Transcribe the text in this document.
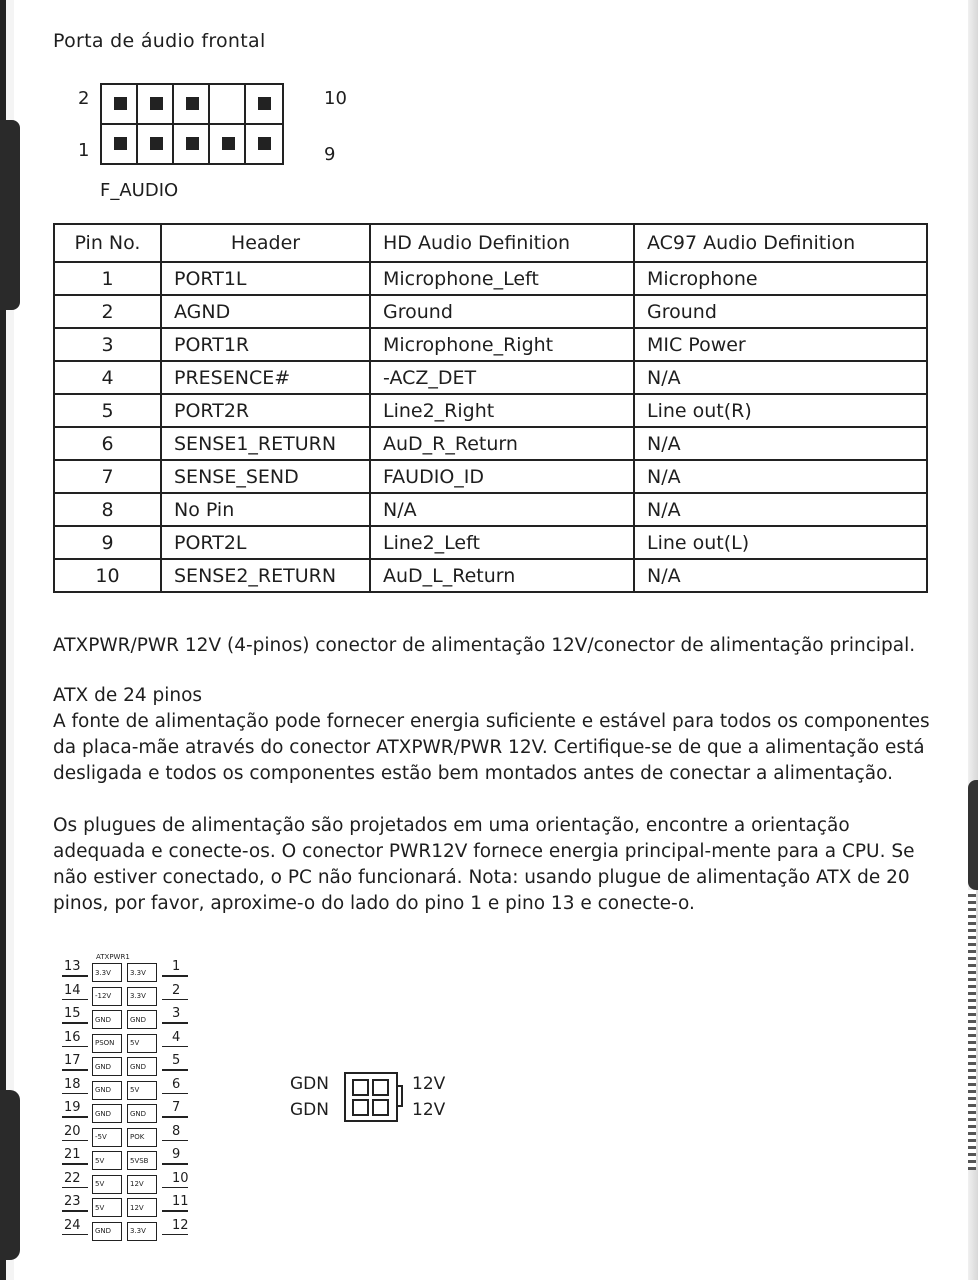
Porta de áudio frontal
2	10
1	9
F_AUDIO
Pin No.	Header	HD Audio Definition	AC97 Audio Definition
1	PORT1L	Microphone_Left	Microphone
2	AGND	Ground	Ground
3	PORT1R	Microphone_Right	MIC Power
4	PRESENCE#	-ACZ_DET	N/A
5	PORT2R	Line2_Right	Line out(R)
6	SENSE1_RETURN	AuD_R_Return	N/A
7	SENSE_SEND	FAUDIO_ID	N/A
8	No Pin	N/A	N/A
9	PORT2L	Line2_Left	Line out(L)
10	SENSE2_RETURN	AuD_L_Return	N/A
ATXPWR/PWR 12V (4-pinos) conector de alimentação 12V/conector de alimentação principal.
ATX de 24 pinos
A fonte de alimentação pode fornecer energia suficiente e estável para todos os componentes da placa-mãe através do conector ATXPWR/PWR 12V. Certifique-se de que a alimentação está desligada e todos os componentes estão bem montados antes de conectar a alimentação.
Os plugues de alimentação são projetados em uma orientação, encontre a orientação adequada e conecte-os. O conector PWR12V fornece energia principal-mente para a CPU. Se não estiver conectado, o PC não funcionará. Nota: usando plugue de alimentação ATX de 20 pinos, por favor, aproxime-o do lado do pino 1 e pino 13 e conecte-o.
ATXPWR1
13	3.3V	3.3V	1
14	-12V	3.3V	2
15	GND	GND	3
16	PSON	5V	4
17	GND	GND	5
18	GND	5V	6
19	GND	GND	7
20	-5V	POK	8
21	5V	5VSB	9
22	5V	12V	10
23	5V	12V	11
24	GND	3.3V	12
GDN
GDN
12V
12V
